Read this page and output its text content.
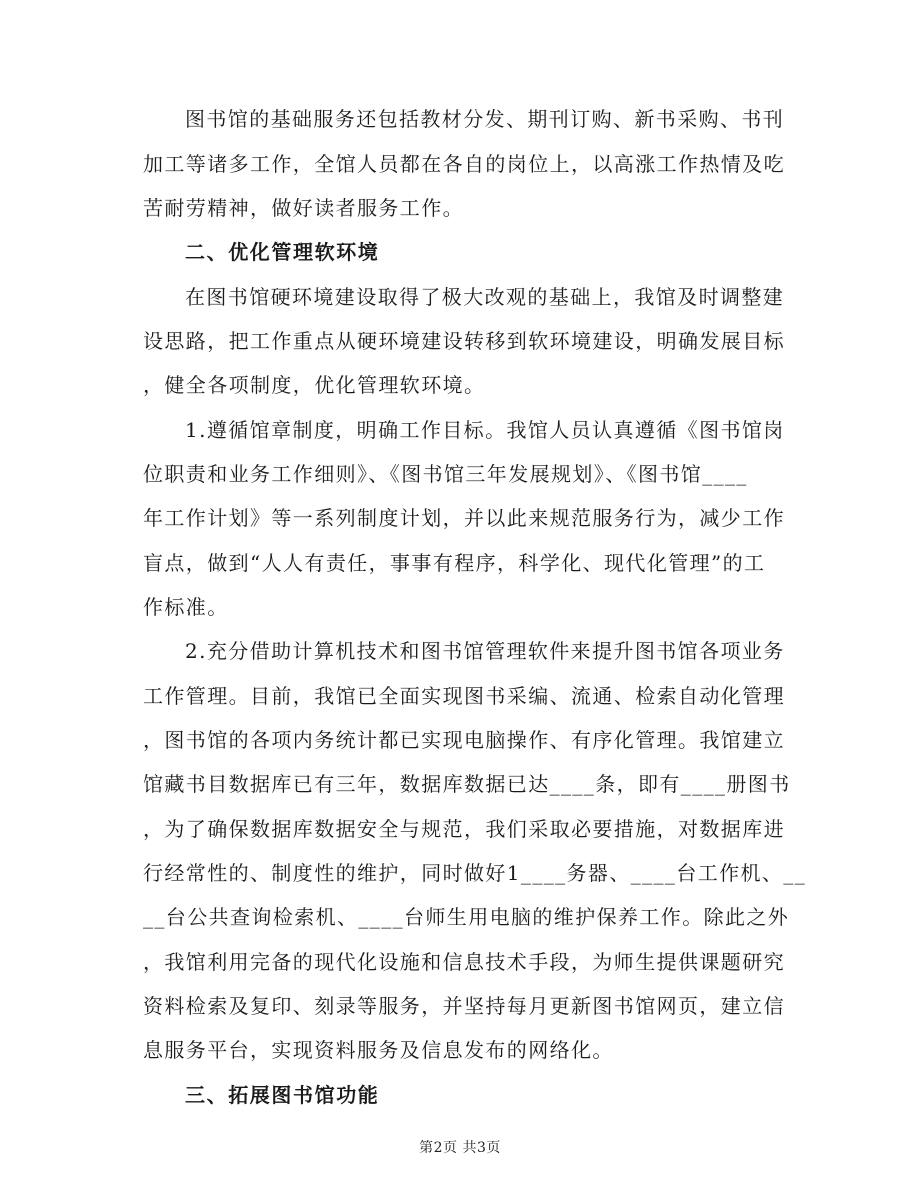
图书馆的基础服务还包括教材分发、期刊订购、新书采购、书刊
加工等诸多工作，全馆人员都在各自的岗位上，以高涨工作热情及吃
苦耐劳精神，做好读者服务工作。
二、优化管理软环境
在图书馆硬环境建设取得了极大改观的基础上，我馆及时调整建
设思路，把工作重点从硬环境建设转移到软环境建设，明确发展目标
，健全各项制度，优化管理软环境。
1.遵循馆章制度，明确工作目标。我馆人员认真遵循《图书馆岗
位职责和业务工作细则》、《图书馆三年发展规划》、《图书馆____
年工作计划》等一系列制度计划，并以此来规范服务行为，减少工作
盲点，做到“人人有责任，事事有程序，科学化、现代化管理”的工
作标准。
2.充分借助计算机技术和图书馆管理软件来提升图书馆各项业务
工作管理。目前，我馆已全面实现图书采编、流通、检索自动化管理
，图书馆的各项内务统计都已实现电脑操作、有序化管理。我馆建立
馆藏书目数据库已有三年，数据库数据已达____条，即有____册图书
，为了确保数据库数据安全与规范，我们采取必要措施，对数据库进
行经常性的、制度性的维护，同时做好1____务器、____台工作机、__
__台公共查询检索机、____台师生用电脑的维护保养工作。除此之外
，我馆利用完备的现代化设施和信息技术手段，为师生提供课题研究
资料检索及复印、刻录等服务，并坚持每月更新图书馆网页，建立信
息服务平台，实现资料服务及信息发布的网络化。
三、拓展图书馆功能
第2页 共3页
